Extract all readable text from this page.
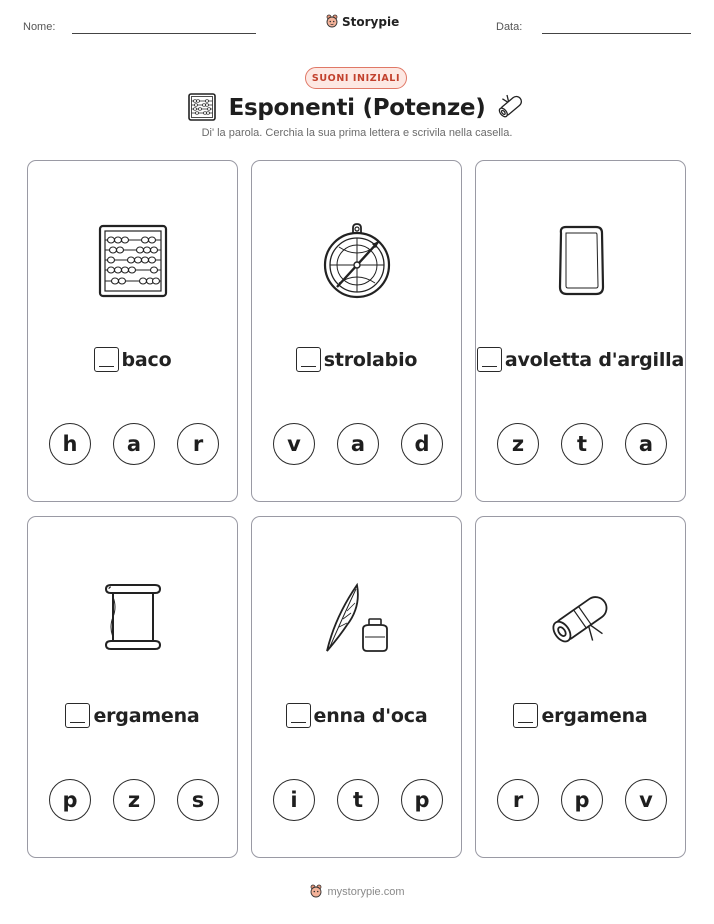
Nome:	Storypie	Data:
SUONI INIZIALI
Esponenti (Potenze)
Di' la parola. Cerchia la sua prima lettera e scrivila nella casella.
baco
h	a	r
strolabio
v	a	d
avoletta d'argilla
z	t	a
ergamena
p	z	s
enna d'oca
i	t	p
ergamena
r	p	v
mystorypie.com
